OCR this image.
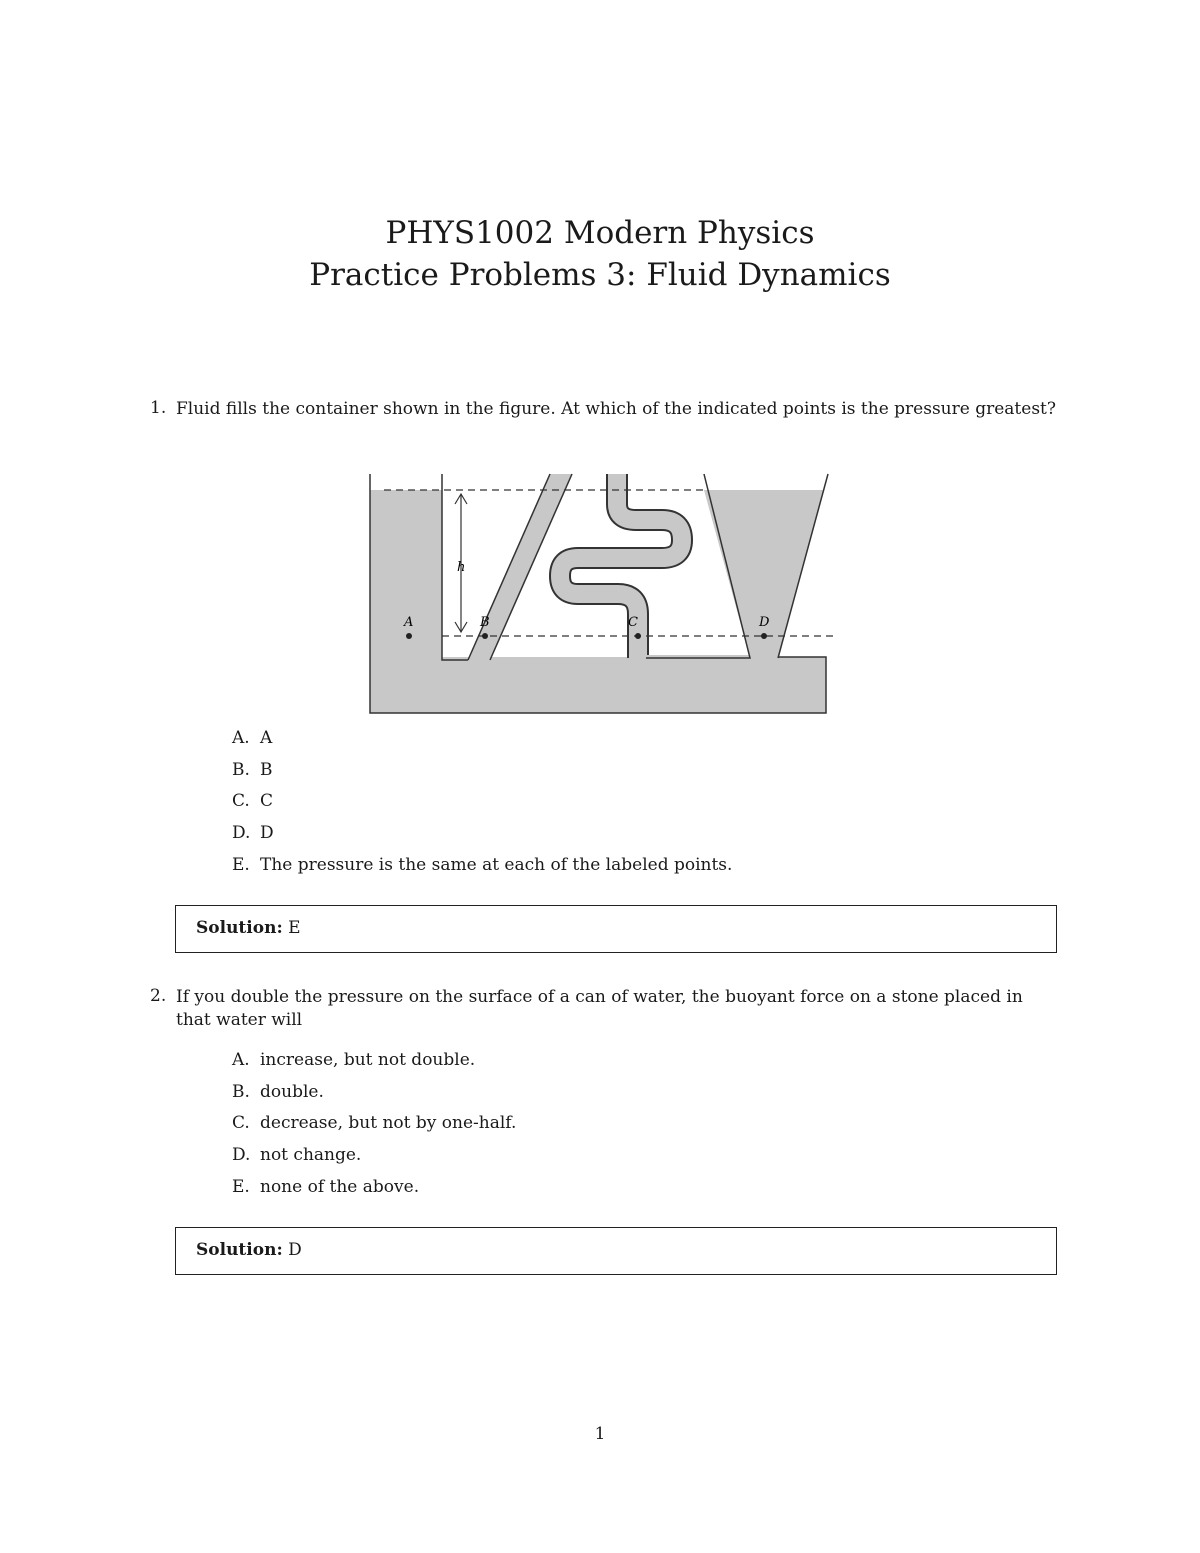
PHYS1002 Modern Physics
Practice Problems 3: Fluid Dynamics
1. Fluid fills the container shown in the figure. At which of the indicated points is the pressure greatest?
h
A	B	C	D
A. A
B. B
C. C
D. D
E. The pressure is the same at each of the labeled points.
Solution: E
2. If you double the pressure on the surface of a can of water, the buoyant force on a stone placed in that water will
A. increase, but not double.
B. double.
C. decrease, but not by one-half.
D. not change.
E. none of the above.
Solution: D
1
